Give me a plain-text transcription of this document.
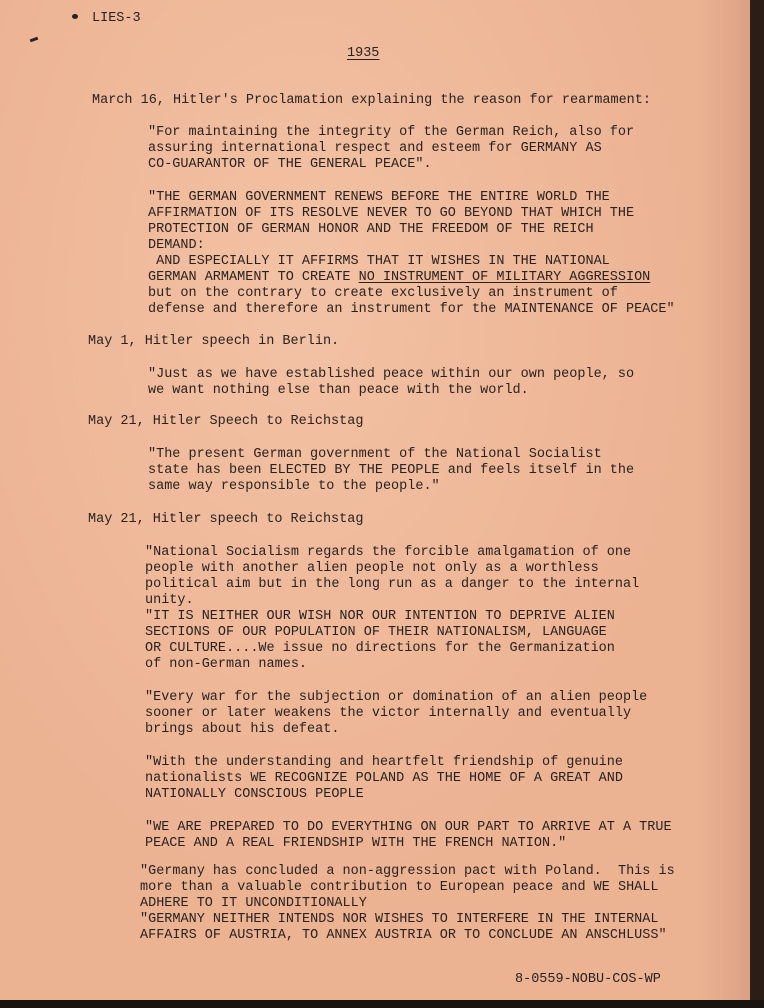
LIES-3
1935
March 16, Hitler's Proclamation explaining the reason for rearmament:
"For maintaining the integrity of the German Reich, also for
assuring international respect and esteem for GERMANY AS
CO-GUARANTOR OF THE GENERAL PEACE".
"THE GERMAN GOVERNMENT RENEWS BEFORE THE ENTIRE WORLD THE
AFFIRMATION OF ITS RESOLVE NEVER TO GO BEYOND THAT WHICH THE
PROTECTION OF GERMAN HONOR AND THE FREEDOM OF THE REICH
DEMAND:
AND ESPECIALLY IT AFFIRMS THAT IT WISHES IN THE NATIONAL
GERMAN ARMAMENT TO CREATE NO INSTRUMENT OF MILITARY AGGRESSION
but on the contrary to create exclusively an instrument of
defense and therefore an instrument for the MAINTENANCE OF PEACE"
May 1, Hitler speech in Berlin.
"Just as we have established peace within our own people, so
we want nothing else than peace with the world.
May 21, Hitler Speech to Reichstag
"The present German government of the National Socialist
state has been ELECTED BY THE PEOPLE and feels itself in the
same way responsible to the people."
May 21, Hitler speech to Reichstag
"National Socialism regards the forcible amalgamation of one
people with another alien people not only as a worthless
political aim but in the long run as a danger to the internal
unity.
"IT IS NEITHER OUR WISH NOR OUR INTENTION TO DEPRIVE ALIEN
SECTIONS OF OUR POPULATION OF THEIR NATIONALISM, LANGUAGE
OR CULTURE....We issue no directions for the Germanization
of non-German names.
"Every war for the subjection or domination of an alien people
sooner or later weakens the victor internally and eventually
brings about his defeat.
"With the understanding and heartfelt friendship of genuine
nationalists WE RECOGNIZE POLAND AS THE HOME OF A GREAT AND
NATIONALLY CONSCIOUS PEOPLE
"WE ARE PREPARED TO DO EVERYTHING ON OUR PART TO ARRIVE AT A TRUE
PEACE AND A REAL FRIENDSHIP WITH THE FRENCH NATION."
"Germany has concluded a non-aggression pact with Poland.  This is
more than a valuable contribution to European peace and WE SHALL
ADHERE TO IT UNCONDITIONALLY
"GERMANY NEITHER INTENDS NOR WISHES TO INTERFERE IN THE INTERNAL
AFFAIRS OF AUSTRIA, TO ANNEX AUSTRIA OR TO CONCLUDE AN ANSCHLUSS"
8-0559-NOBU-COS-WP
